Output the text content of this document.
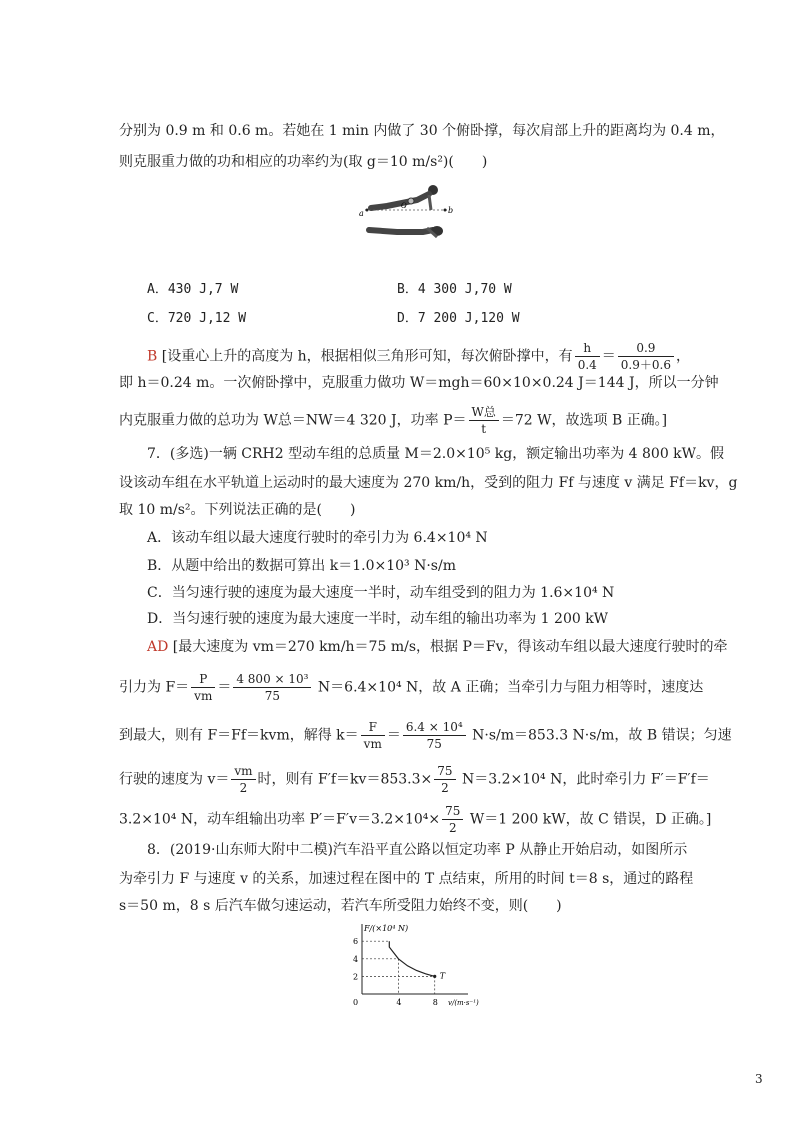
分别为 0.9 m 和 0.6 m。若她在 1 min 内做了 30 个俯卧撑，每次肩部上升的距离均为 0.4 m，
则克服重力做的功和相应的功率约为(取 g＝10 m/s²)(　　)
a
O	b
A．430 J,7 W	B．4 300 J,70 W
C．720 J,12 W	D．7 200 J,120 W
B [设重心上升的高度为 h，根据相似三角形可知，每次俯卧撑中，有 $\frac{h}{0.4} = \frac{0.9}{0.9+0.6}$ ，
即 h＝0.24 m。一次俯卧撑中，克服重力做功 W＝mgh＝60×10×0.24 J＝144 J，所以一分钟
内克服重力做的总功为 W总＝NW＝4 320 J，功率 $P= \frac{\text{W总}}{t} =72$ W，故选项 B 正确。]
7．(多选)一辆 CRH2 型动车组的总质量 M＝2.0×10⁵ kg，额定输出功率为 4 800 kW。假
设该动车组在水平轨道上运动时的最大速度为 270 km/h，受到的阻力 Ff 与速度 v 满足 Ff＝kv，g
取 10 m/s²。下列说法正确的是(　　)
A．该动车组以最大速度行驶时的牵引力为 6.4×10⁴ N
B．从题中给出的数据可算出 k＝1.0×10³ N·s/m
C．当匀速行驶的速度为最大速度一半时，动车组受到的阻力为 1.6×10⁴ N
D．当匀速行驶的速度为最大速度一半时，动车组的输出功率为 1 200 kW
AD [最大速度为 vm＝270 km/h＝75 m/s，根据 P＝Fv，得该动车组以最大速度行驶时的牵
引力为 $F= \frac{P}{vm} = \frac{\text{4 800 × 10³}}{75} N=6.4\times 10^4$ N，故 A 正确；当牵引力与阻力相等时，速度达
到最大，则有 F＝Ff＝kvm，解得 $k= \frac{F}{vm} = \frac{\text{6.4 × 10⁴}}{75} N\cdot s/m=853.3$ N·s/m，故 B 错误；匀速
行驶的速度为 $v= \frac{vm}{2}$ 时，则有 $F'f=kv=853.3\times \frac{75}{2} N=3.2\times 10^4$ N，此时牵引力 F′＝F′f＝
3.2×10⁴ N，动车组输出功率 $P'=F'v=3.2\times 10^4\times \frac{75}{2} W=1$ 200 kW，故 C 错误，D 正确。]
8．(2019·山东师大附中二模)汽车沿平直公路以恒定功率 P 从静止开始启动，如图所示
为牵引力 F 与速度 v 的关系，加速过程在图中的 T 点结束，所用的时间 t＝8 s，通过的路程
s＝50 m，8 s 后汽车做匀速运动，若汽车所受阻力始终不变，则(　　)
F/(×10⁴ N)
v/(m·s⁻¹)
2
4
6
0	4	8
T
3
